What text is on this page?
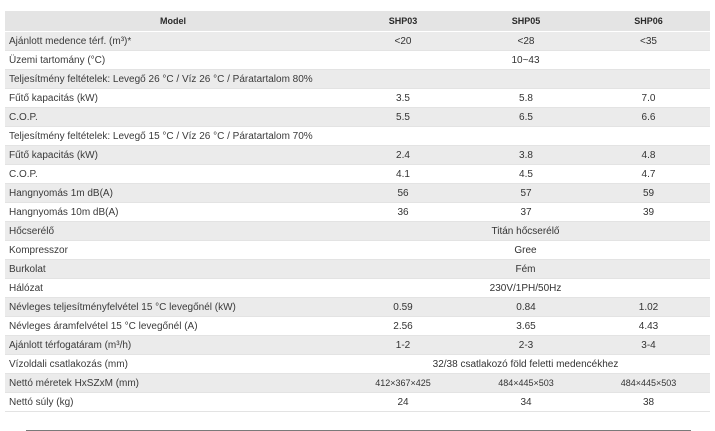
Model	SHP03	SHP05	SHP06
Ajánlott medence térf. (m³)*	<20	<28	<35
Üzemi tartomány (°C)	10~43		
Teljesítmény feltételek: Levegő 26 °C / Víz 26 °C / Páratartalom 80%			
Fűtő kapacitás (kW)	3.5	5.8	7.0
C.O.P.	5.5	6.5	6.6
Teljesítmény feltételek: Levegő 15 °C / Víz 26 °C / Páratartalom 70%			
Fűtő kapacitás (kW)	2.4	3.8	4.8
C.O.P.	4.1	4.5	4.7
Hangnyomás 1m dB(A)	56	57	59
Hangnyomás 10m dB(A)	36	37	39
Hőcserélő	Titán hőcserélő		
Kompresszor	Gree		
Burkolat	Fém		
Hálózat	230V/1PH/50Hz		
Névleges teljesítményfelvétel 15 °C levegőnél (kW)	0.59	0.84	1.02
Névleges áramfelvétel 15 °C levegőnél (A)	2.56	3.65	4.43
Ajánlott térfogatáram (m³/h)	1-2	2-3	3-4
Vízoldali csatlakozás (mm)	32/38 csatlakozó föld feletti medencékhez		
Nettó méretek HxSZxM (mm)	412×367×425	484×445×503	484×445×503
Nettó súly (kg)	24	34	38
